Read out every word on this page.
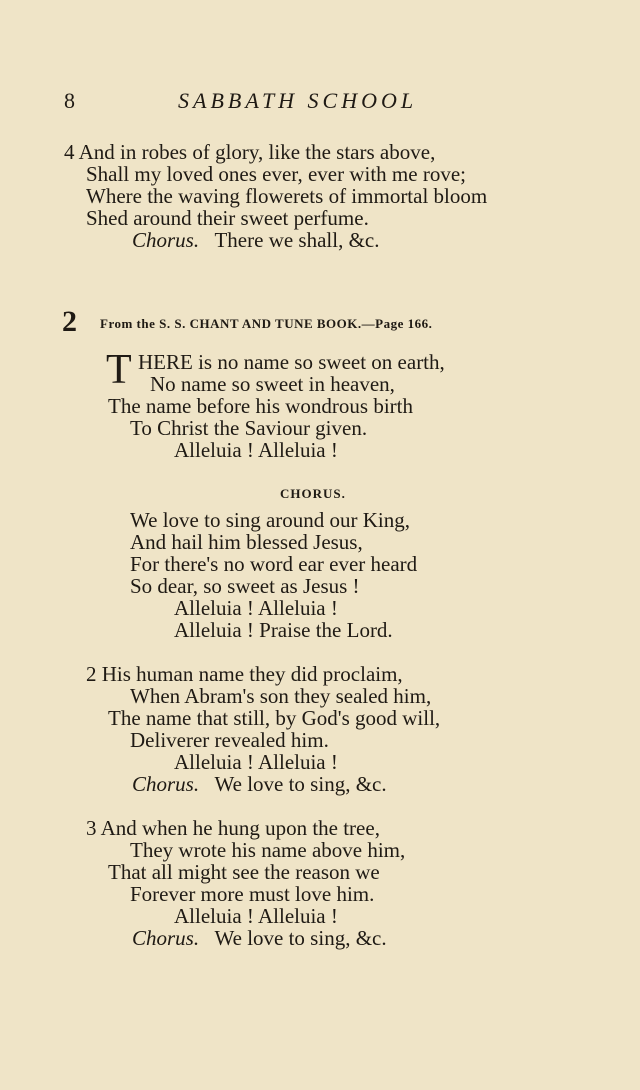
8	SABBATH SCHOOL
4 And in robes of glory, like the stars above,
Shall my loved ones ever, ever with me rove;
Where the waving flowerets of immortal bloom
Shed around their sweet perfume.
Chorus. There we shall, &c.
2 From the S. S. CHANT AND TUNE BOOK.—Page 166.
T HERE is no name so sweet on earth,
No name so sweet in heaven,
The name before his wondrous birth
To Christ the Saviour given.
Alleluia ! Alleluia !
CHORUS.
We love to sing around our King,
And hail him blessed Jesus,
For there's no word ear ever heard
So dear, so sweet as Jesus !
Alleluia ! Alleluia !
Alleluia ! Praise the Lord.
2 His human name they did proclaim,
When Abram's son they sealed him,
The name that still, by God's good will,
Deliverer revealed him.
Alleluia ! Alleluia !
Chorus. We love to sing, &c.
3 And when he hung upon the tree,
They wrote his name above him,
That all might see the reason we
Forever more must love him.
Alleluia ! Alleluia !
Chorus. We love to sing, &c.
